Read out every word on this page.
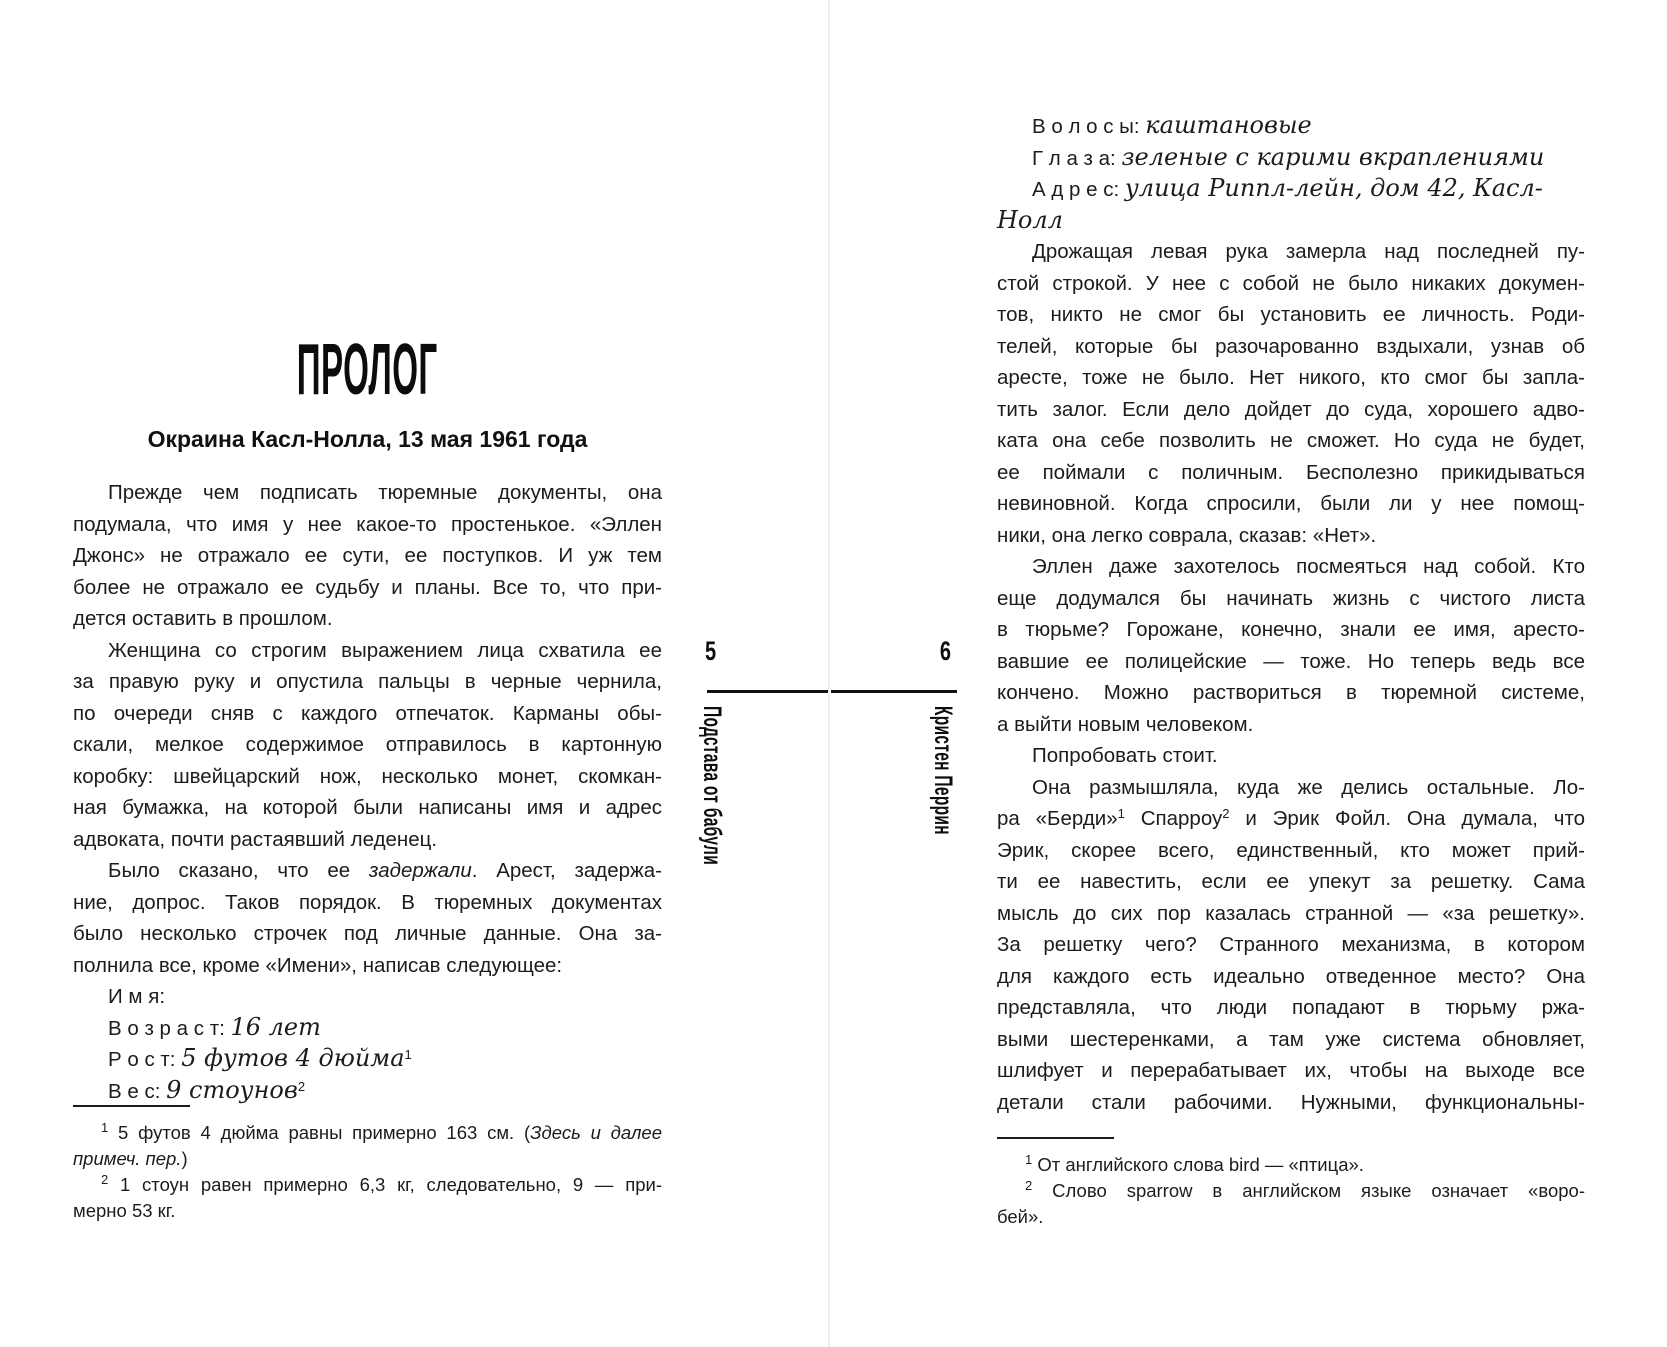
ПРОЛОГ
Окраина Касл-Нолла, 13 мая 1961 года
Прежде чем подписать тюремные документы, она
подумала, что имя у нее какое-то простенькое. «Эллен
Джонс» не отражало ее сути, ее поступков. И уж тем
более не отражало ее судьбу и планы. Все то, что при-
дется оставить в прошлом.
Женщина со строгим выражением лица схватила ее
за правую руку и опустила пальцы в черные чернила,
по очереди сняв с каждого отпечаток. Карманы обы-
скали, мелкое содержимое отправилось в картонную
коробку: швейцарский нож, несколько монет, скомкан-
ная бумажка, на которой были написаны имя и адрес
адвоката, почти растаявший леденец.
Было сказано, что ее задержали. Арест, задержа-
ние, допрос. Таков порядок. В тюремных документах
было несколько строчек под личные данные. Она за-
полнила все, кроме «Имени», написав следующее:
И м я:
В о з р а с т: 16 лет
Р о с т: 5 футов 4 дюйма$^1$
В е с: 9 стоунов$^2$
$^1$ 5 футов 4 дюйма равны примерно 163 см. (Здесь и далее
примеч. пер.)
$^2$ 1 стоун равен примерно 6,3 кг, следовательно, 9 — при-
мерно 53 кг.
В о л о с ы: каштановые
Г л а з а: зеленые с карими вкраплениями
А д р е с: улица Риппл-лейн, дом 42, Касл-Нолл
Дрожащая левая рука замерла над последней пу-
стой строкой. У нее с собой не было никаких докумен-
тов, никто не смог бы установить ее личность. Роди-
телей, которые бы разочарованно вздыхали, узнав об
аресте, тоже не было. Нет никого, кто смог бы запла-
тить залог. Если дело дойдет до суда, хорошего адво-
ката она себе позволить не сможет. Но суда не будет,
ее поймали с поличным. Бесполезно прикидываться
невиновной. Когда спросили, были ли у нее помощ-
ники, она легко соврала, сказав: «Нет».
Эллен даже захотелось посмеяться над собой. Кто
еще додумался бы начинать жизнь с чистого листа
в тюрьме? Горожане, конечно, знали ее имя, аресто-
вавшие ее полицейские — тоже. Но теперь ведь все
кончено. Можно раствориться в тюремной системе,
а выйти новым человеком.
Попробовать стоит.
Она размышляла, куда же делись остальные. Ло-
ра «Берди»$^1$ Спарроу$^2$ и Эрик Фойл. Она думала, что
Эрик, скорее всего, единственный, кто может прий-
ти ее навестить, если ее упекут за решетку. Сама
мысль до сих пор казалась странной — «за решетку».
За решетку чего? Странного механизма, в котором
для каждого есть идеально отведенное место? Она
представляла, что люди попадают в тюрьму ржа-
выми шестеренками, а там уже система обновляет,
шлифует и перерабатывает их, чтобы на выходе все
детали стали рабочими. Нужными, функциональны-
$^1$ От английского слова bird — «птица».
$^2$ Слово sparrow в английском языке означает «воро-
бей».
5	6
Подстава от бабули	Кристен Перрин
